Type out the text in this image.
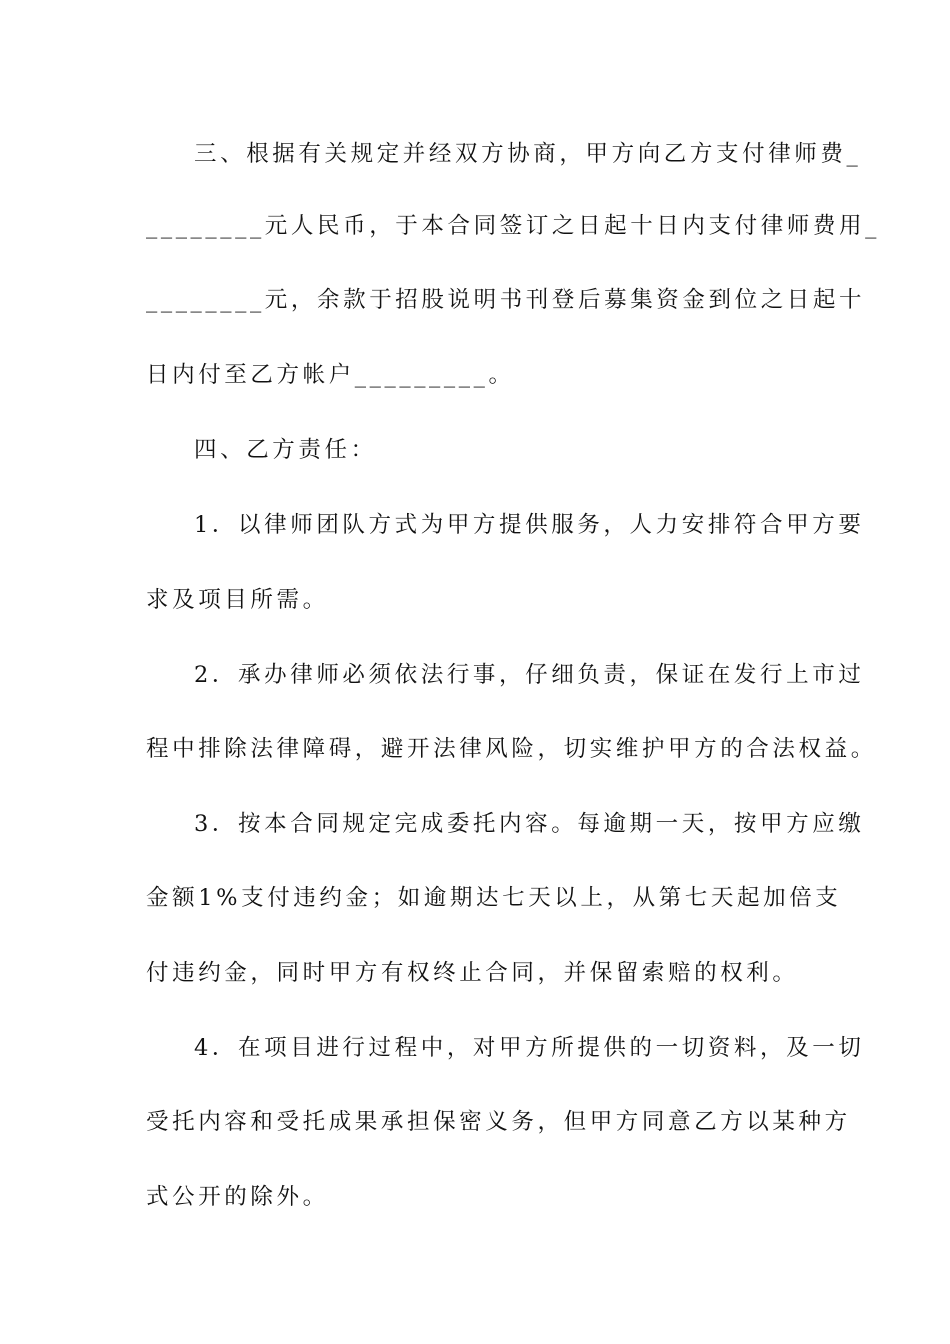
三、根据有关规定并经双方协商，甲方向乙方支付律师费_
________元人民币，于本合同签订之日起十日内支付律师费用_
________元，余款于招股说明书刊登后募集资金到位之日起十
日内付至乙方帐户_________。
四、乙方责任：
1．以律师团队方式为甲方提供服务，人力安排符合甲方要
求及项目所需。
2．承办律师必须依法行事，仔细负责，保证在发行上市过
程中排除法律障碍，避开法律风险，切实维护甲方的合法权益。
3．按本合同规定完成委托内容。每逾期一天，按甲方应缴
金额1%支付违约金；如逾期达七天以上，从第七天起加倍支
付违约金，同时甲方有权终止合同，并保留索赔的权利。
4．在项目进行过程中，对甲方所提供的一切资料，及一切
受托内容和受托成果承担保密义务，但甲方同意乙方以某种方
式公开的除外。
